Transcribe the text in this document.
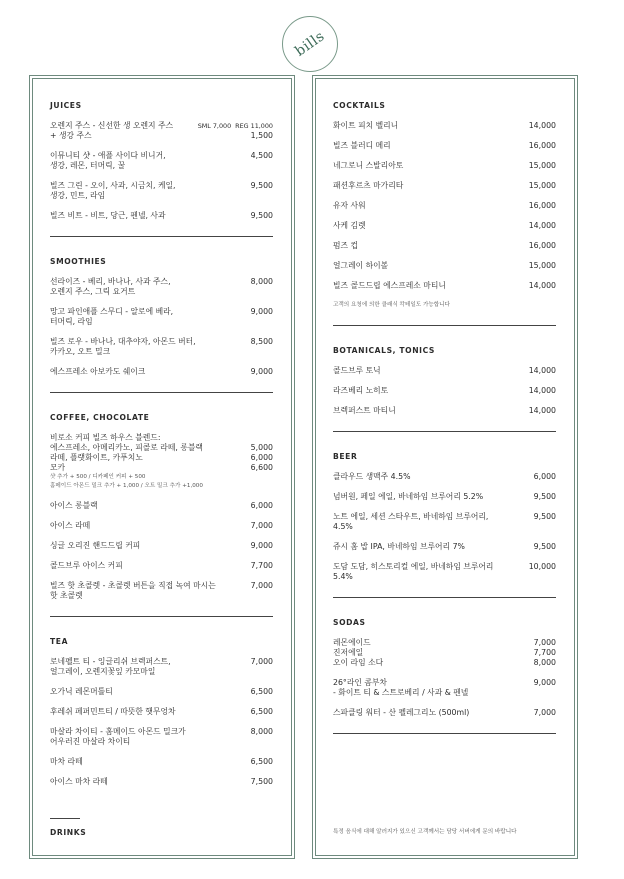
bills
JUICES
오렌지 주스 - 신선한 생 오렌지 주스	SML 7,000 REG 11,000
+ 생강 주스	1,500
이뮤니티 샷 - 애플 사이다 비니거,
생강, 레몬, 터머릭, 꿀
4,500
빌즈 그린 - 오이, 사과, 시금치, 케일,
생강, 민트, 라임
9,500
빌즈 비트 - 비트, 당근, 펜넬, 사과	9,500
SMOOTHIES
선라이즈 - 베리, 바나나, 사과 주스,
오렌지 주스, 그릭 요거트
8,000
망고 파인애플 스무디 - 알로에 베라,
터머릭, 라임
9,000
빌즈 로우 - 바나나, 대추야자, 아몬드 버터,
카카오, 오트 밀크
8,500
에스프레소 아보카도 쉐이크	9,000
COFFEE, CHOCOLATE
비로소 커피 빌즈 하우스 블렌드:
에스프레소, 아메리카노, 피콜로 라떼, 롱블랙	5,000
라떼, 플랫화이트, 카푸치노	6,000
모카	6,600
샷 추가 + 500 / 디카페인 커피 + 500
홈메이드 아몬드 밀크 추가 + 1,000 / 오트 밀크 추가 +1,000
아이스 롱블랙	6,000
아이스 라떼	7,000
싱글 오리진 핸드드립 커피	9,000
콜드브루 아이스 커피	7,700
빌즈 핫 초콜렛 - 초콜렛 버튼을 직접 녹여 마시는
핫 초콜렛
7,000
TEA
로네펠트 티 - 잉글리쉬 브렉퍼스트,
얼그레이, 오렌지꽃잎 카모마일
7,000
오가닉 레몬머틀티	6,500
후레쉬 페퍼민트티 / 따뜻한 햇무엉차	6,500
마살라 차이티 - 홈메이드 아몬드 밀크가
어우러진 마살라 차이티
8,000
마차 라떼	6,500
아이스 마차 라떼	7,500
DRINKS
COCKTAILS
화이트 피치 벨리니	14,000
빌즈 블러디 메리	16,000
네그로니 스발리아토	15,000
패션후르츠 마가리타	15,000
유자 사워	16,000
사케 김렛	14,000
펌즈 컵	16,000
얼그레이 하이볼	15,000
빌즈 콜드드립 에스프레소 마티니	14,000
고객의 요청에 의한 클래식 칵테일도 가능합니다
BOTANICALS, TONICS
콜드브루 토닉	14,000
라즈베리 노히토	14,000
브렉퍼스트 마티니	14,000
BEER
클라우드 생맥주 4.5%	6,000
넘버원, 페일 에일, 바네하임 브루어리 5.2%	9,500
노트 에일, 세션 스타우트, 바네하임 브루어리, 4.5%
9,500
쥬시 홈 밥 IPA, 바네하임 브루어리 7%	9,500
도담 도담, 히스토리컬 에일, 바네하임 브루어리 5.4%
10,000
SODAS
레몬에이드	7,000
진저에일	7,700
오이 라임 소다	8,000
26°라인 콤부차
- 화이트 티 & 스트로베리 / 사과 & 펜넬
9,000
스파클링 워터 - 산 펠레그리노 (500ml)	7,000
특정 음식에 대해 알러지가 있으신 고객께서는 담당 서버에게 문의 바랍니다
